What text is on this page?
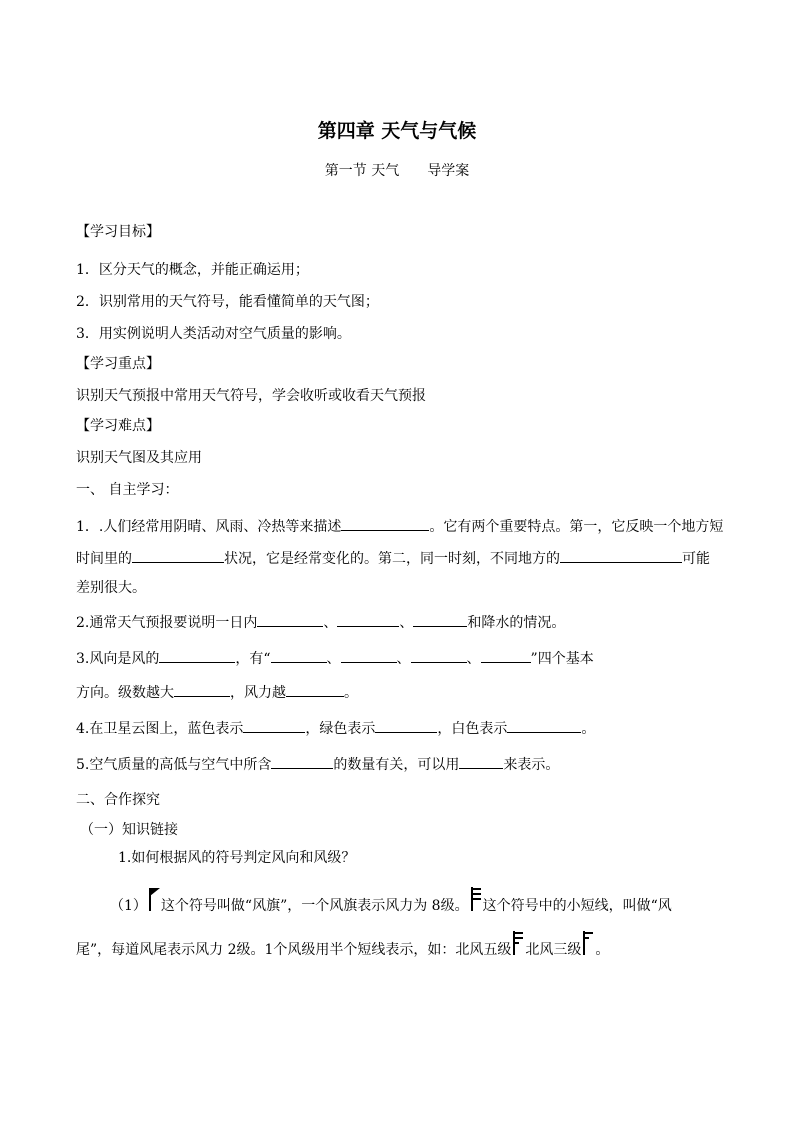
第四章 天气与气候
第一节 天气　　导学案
【学习目标】
1．区分天气的概念，并能正确运用；
2．识别常用的天气符号，能看懂简单的天气图；
3．用实例说明人类活动对空气质量的影响。
【学习重点】
识别天气预报中常用天气符号，学会收听或收看天气预报
【学习难点】
识别天气图及其应用
一、 自主学习：
1．.人们经常用阴晴、风雨、冷热等来描述	。它有两个重要特点。第一，它反映一个地方短
时间里的	状况，它是经常变化的。第二，同一时刻，不同地方的	可能
差别很大。
2.通常天气预报要说明一日内	、	、	和降水的情况。
3.风向是风的	，有“	、	、	、	”四个基本
方向。级数越大	，风力越	。
4.在卫星云图上，蓝色表示	，绿色表示	，白色表示	。
5.空气质量的高低与空气中所含	的数量有关，可以用	来表示。
二、合作探究
（一）知识链接
1.如何根据风的符号判定风向和风级？
（1） 这个符号叫做“风旗”，一个风旗表示风力为 8级。 这个符号中的小短线，叫做“风
尾”，每道风尾表示风力 2级。1个风级用半个短线表示，如：北风五级 北风三级 。
